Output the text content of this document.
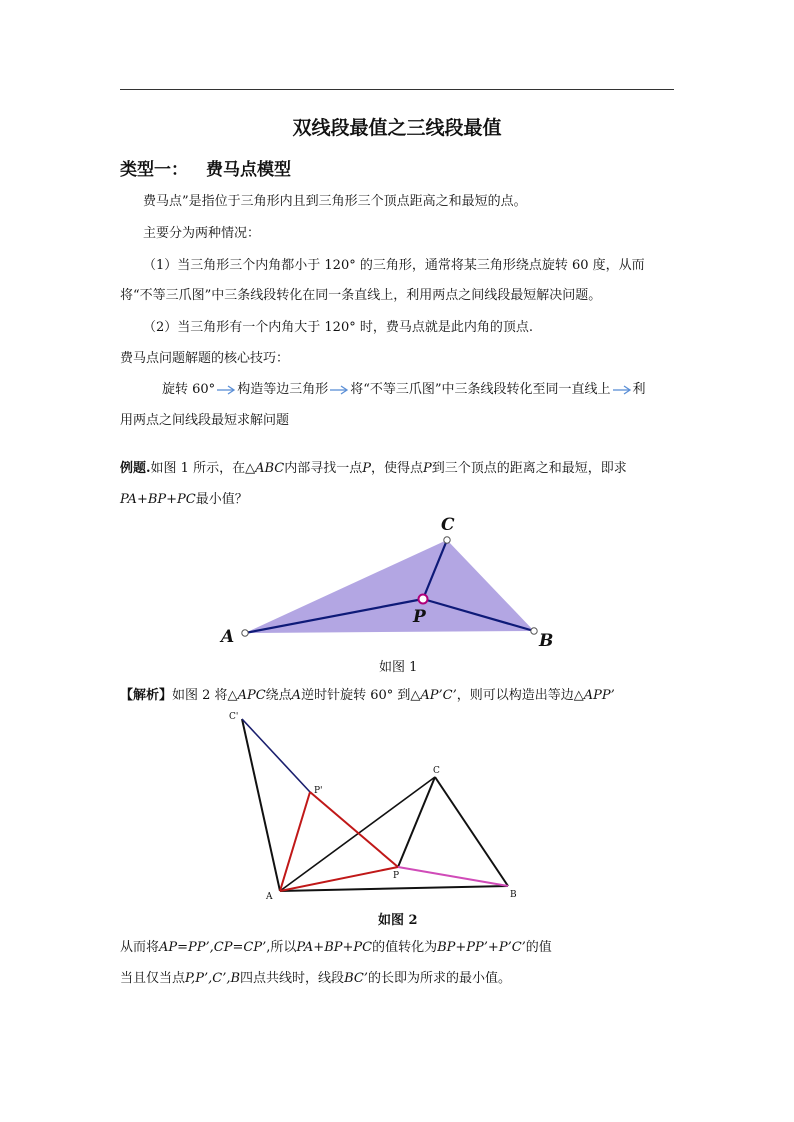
双线段最值之三线段最值
类型一： 费马点模型
费马点”是指位于三角形内且到三角形三个顶点距高之和最短的点。
主要分为两种情况：
（1）当三角形三个内角都小于 120° 的三角形，通常将某三角形绕点旋转 60 度，从而
将“不等三爪图”中三条线段转化在同一条直线上，利用两点之间线段最短解决问题。
（2）当三角形有一个内角大于 120° 时，费马点就是此内角的顶点.
费马点问题解题的核心技巧：
旋转 60° 构造等边三角形 将“不等三爪图”中三条线段转化至同一直线上 利
用两点之间线段最短求解问题
例题.如图 1 所示，在△ABC内部寻找一点P，使得点P到三个顶点的距离之和最短，即求
PA+BP+PC最小值？
A	B
C
P
如图 1
【解析】如图 2 将△APC绕点A逆时针旋转 60° 到△AP’C’，则可以构造出等边△APP’
C'
P'
C
P
A	B
如图 2
从而将AP=PP’,CP=CP’,所以PA+BP+PC的值转化为BP+PP’+P’C’的值
当且仅当点P,P’,C’,B四点共线时，线段BC’的长即为所求的最小值。
